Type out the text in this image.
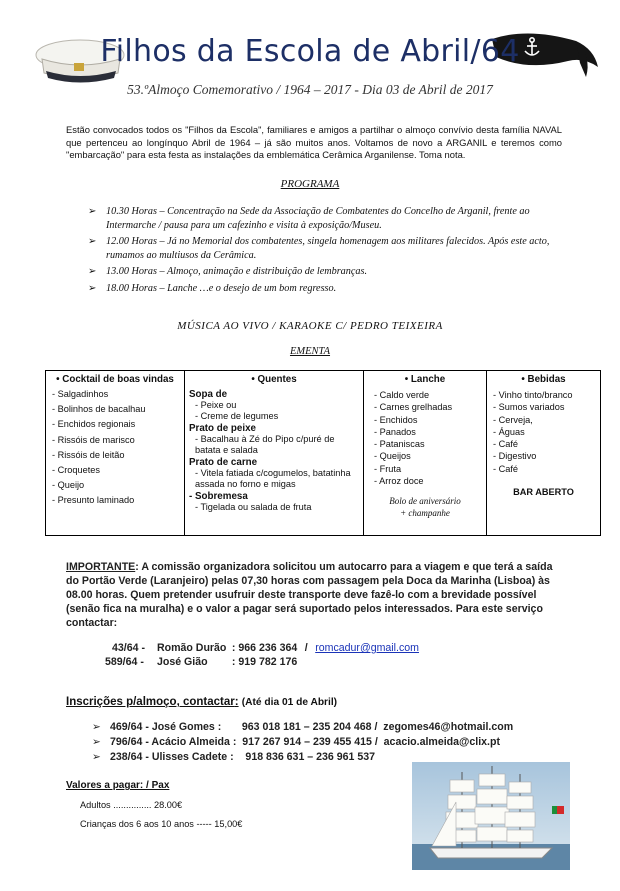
Filhos da Escola de Abril/64
53.ºAlmoço Comemorativo / 1964 – 2017 - Dia 03 de Abril de 2017
Estão convocados todos os "Filhos da Escola", familiares e amigos a partilhar o almoço convívio desta família NAVAL que pertenceu ao longínquo Abril de 1964 – já são muitos anos. Voltamos de novo a ARGANIL e teremos como "embarcação" para esta festa as instalações da emblemática Cerâmica Arganilense. Toma nota.
PROGRAMA
➢ 10.30 Horas – Concentração na Sede da Associação de Combatentes do Concelho de Arganil, frente ao Intermarche / pausa para um cafezinho e visita à exposição/Museu.
➢ 12.00 Horas – Já no Memorial dos combatentes, singela homenagem aos militares falecidos. Após este acto, rumamos ao multiusos da Cerâmica.
➢ 13.00 Horas – Almoço, animação e distribuição de lembranças.
➢ 18.00 Horas – Lanche …e o desejo de um bom regresso.
MÚSICA AO VIVO / KARAOKE C/ PEDRO TEIXEIRA
EMENTA
• Cocktail de boas vindas
- Salgadinhos
- Bolinhos de bacalhau
- Enchidos regionais
- Rissóis de marisco
- Rissóis de leitão
- Croquetes
- Queijo
- Presunto laminado

• Quentes
Sopa de
- Peixe ou
- Creme de legumes
Prato de peixe
- Bacalhau à Zé do Pipo c/puré de batata e salada
Prato de carne
- Vitela fatiada c/cogumelos, batatinha assada no forno e migas
- Sobremesa
- Tigelada ou salada de fruta

• Lanche
- Caldo verde
- Carnes grelhadas
- Enchidos
- Panados
- Pataniscas
- Queijos
- Fruta
- Arroz doce
Bolo de aniversário
+ champanhe

• Bebidas
- Vinho tinto/branco
- Sumos variados
- Cerveja,
- Águas
- Café
- Digestivo
- Café
BAR ABERTO
IMPORTANTE: A comissão organizadora solicitou um autocarro para a viagem e que terá a saída do Portão Verde (Laranjeiro) pelas 07,30 horas com passagem pela Doca da Marinha (Lisboa) às 08.00 horas. Quem pretender usufruir deste transporte deve fazê-lo com a brevidade possível (senão fica na muralha) e o valor a pagar será suportado pelos interessados. Para este serviço contactar:
43/64 - Romão Durão : 966 236 364 / romcadur@gmail.com
589/64 - José Gião : 919 782 176
Inscrições p/almoço, contactar: (Até dia 01 de Abril)
➢ 469/64 - José Gomes :       963 018 181 – 235 204 468 /  zegomes46@hotmail.com
➢ 796/64 - Acácio Almeida :  917 267 914 – 239 455 415 /  acacio.almeida@clix.pt
➢ 238/64 - Ulisses Cadete :    918 836 631 – 236 961 537
Valores a pagar: / Pax
Adultos ............... 28.00€
Crianças dos 6 aos 10 anos ----- 15,00€
